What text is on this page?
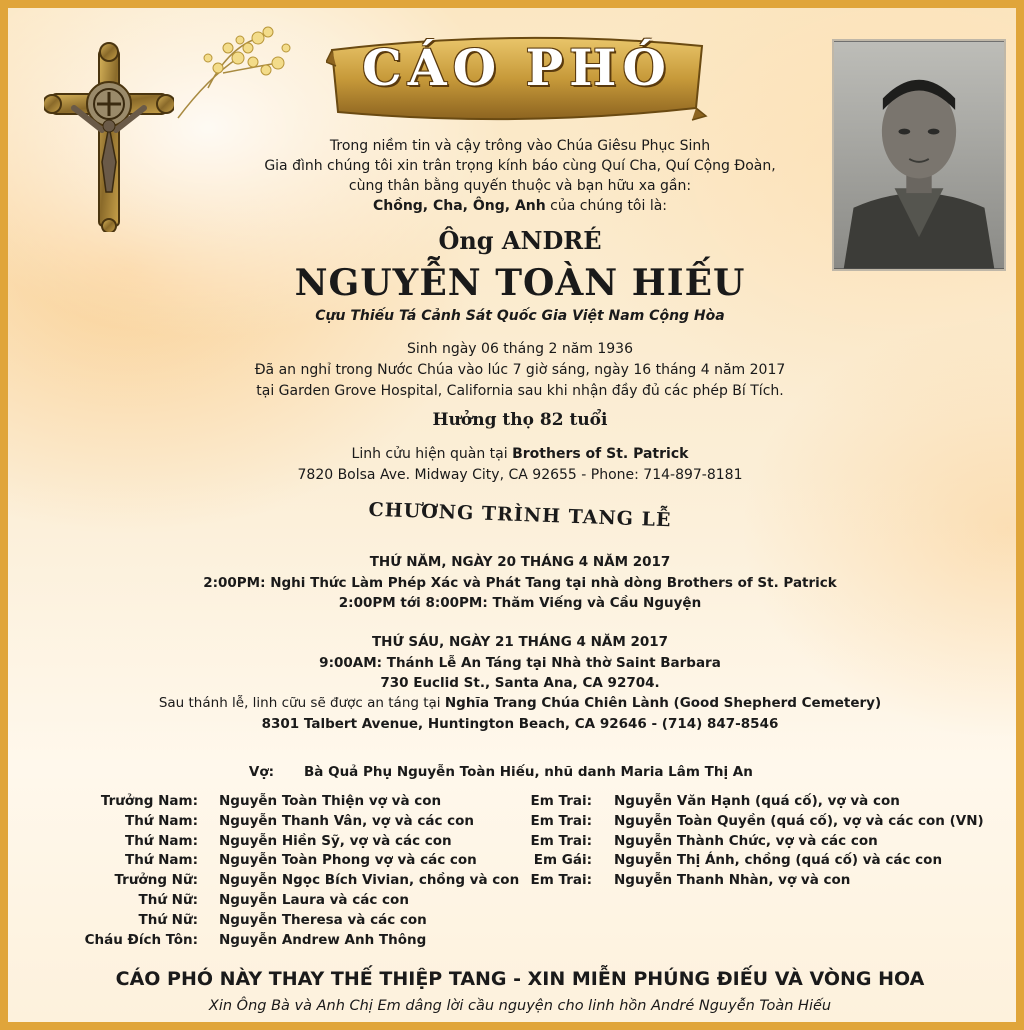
CÁO PHÓ
Trong niềm tin và cậy trông vào Chúa Giêsu Phục Sinh
Gia đình chúng tôi xin trân trọng kính báo cùng Quí Cha, Quí Cộng Đoàn,
cùng thân bằng quyến thuộc và bạn hữu xa gần:
Chồng, Cha, Ông, Anh của chúng tôi là:
Ông ANDRÉ
NGUYỄN TOÀN HIẾU
Cựu Thiếu Tá Cảnh Sát Quốc Gia Việt Nam Cộng Hòa
Sinh ngày 06 tháng 2 năm 1936
Đã an nghỉ trong Nước Chúa vào lúc 7 giờ sáng, ngày 16 tháng 4 năm 2017
tại Garden Grove Hospital, California sau khi nhận đầy đủ các phép Bí Tích.
Hưởng thọ 82 tuổi
Linh cửu hiện quàn tại Brothers of St. Patrick
7820 Bolsa Ave. Midway City, CA 92655 - Phone: 714-897-8181
CHƯƠNG TRÌNH TANG LỄ
THỨ NĂM, NGÀY 20 THÁNG 4 NĂM 2017
2:00PM: Nghi Thức Làm Phép Xác và Phát Tang tại nhà dòng Brothers of St. Patrick
2:00PM tới 8:00PM: Thăm Viếng và Cầu Nguyện
THỨ SÁU, NGÀY 21 THÁNG 4 NĂM 2017
9:00AM: Thánh Lễ An Táng tại Nhà thờ Saint Barbara
730 Euclid St., Santa Ana, CA 92704.
Sau thánh lễ, linh cữu sẽ được an táng tại Nghĩa Trang Chúa Chiên Lành (Good Shepherd Cemetery)
8301 Talbert Avenue, Huntington Beach, CA 92646 - (714) 847-8546
Vợ: Bà Quả Phụ Nguyễn Toàn Hiếu, nhũ danh Maria Lâm Thị An
Trưởng Nam: Nguyễn Toàn Thiện vợ và con
Thứ Nam: Nguyễn Thanh Vân, vợ và các con
Thứ Nam: Nguyễn Hiền Sỹ, vợ và các con
Thứ Nam: Nguyễn Toàn Phong vợ và các con
Trưởng Nữ: Nguyễn Ngọc Bích Vivian, chồng và con
Thứ Nữ: Nguyễn Laura và các con
Thứ Nữ: Nguyễn Theresa và các con
Cháu Đích Tôn: Nguyễn Andrew Anh Thông
Em Trai: Nguyễn Văn Hạnh (quá cố), vợ và con
Em Trai: Nguyễn Toàn Quyền (quá cố), vợ và các con (VN)
Em Trai: Nguyễn Thành Chức, vợ và các con
Em Gái: Nguyễn Thị Ánh, chồng (quá cố) và các con
Em Trai: Nguyễn Thanh Nhàn, vợ và con
CÁO PHÓ NÀY THAY THẾ THIỆP TANG - XIN MIỄN PHÚNG ĐIẾU VÀ VÒNG HOA
Xin Ông Bà và Anh Chị Em dâng lời cầu nguyện cho linh hồn André Nguyễn Toàn Hiếu
